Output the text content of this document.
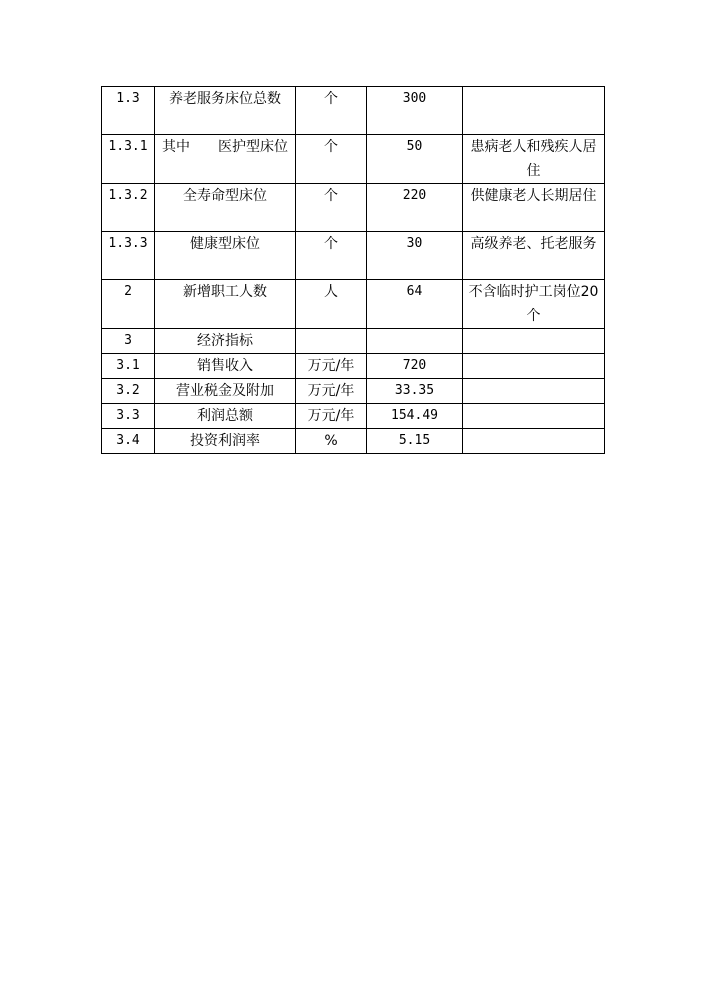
1.3	养老服务床位总数	个	300	
1.3.1	其中　　医护型床位	个	50	患病老人和残疾人居住
1.3.2	全寿命型床位	个	220	供健康老人长期居住
1.3.3	健康型床位	个	30	高级养老、托老服务
2	新增职工人数	人	64	不含临时护工岗位20个
3	经济指标			
3.1	销售收入	万元/年	720	
3.2	营业税金及附加	万元/年	33.35	
3.3	利润总额	万元/年	154.49	
3.4	投资利润率	%	5.15	
